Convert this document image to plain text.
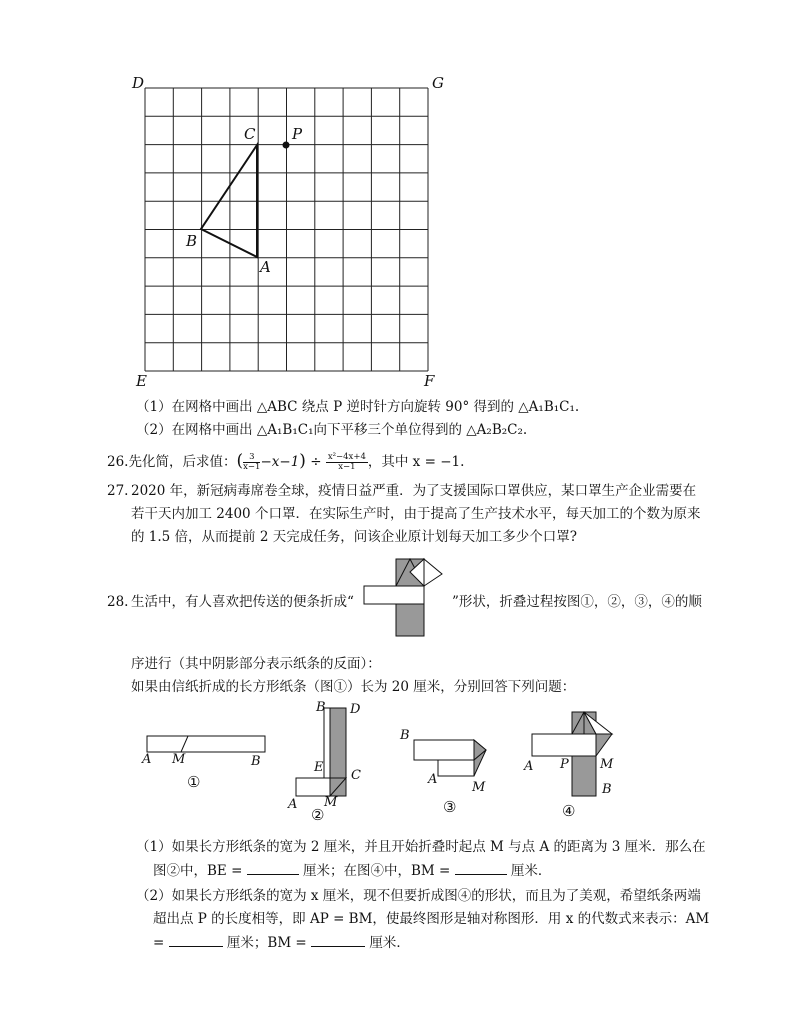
D	G
E	F
C P
B
A
（1）在网格中画出 △ABC 绕点 P 逆时针方向旋转 90° 得到的 △A₁B₁C₁.
（2）在网格中画出 △A₁B₁C₁向下平移三个单位得到的 △A₂B₂C₂.
26.先化简，后求值：( $\frac{3}{x-1} -x-1) \div \frac{\text{x²−4x+4}}{x-1}$ ，其中 x = −1.
27. 2020 年，新冠病毒席卷全球，疫情日益严重．为了支援国际口罩供应，某口罩生产企业需要在
若干天内加工 2400 个口罩．在实际生产时，由于提高了生产技术水平，每天加工的个数为原来
的 1.5 倍，从而提前 2 天完成任务，问该企业原计划每天加工多少个口罩?
28. 生活中，有人喜欢把传送的便条折成“	”形状，折叠过程按图①，②，③，④的顺
序进行（其中阴影部分表示纸条的反面）：
如果由信纸折成的长方形纸条（图①）长为 20 厘米，分别回答下列问题：
A M	B
①
B D
E
C
A M
②
B
A
M
③
A P M
B
④
（1）如果长方形纸条的宽为 2 厘米，并且开始折叠时起点 M 与点 A 的距离为 3 厘米．那么在
图②中，BE =	厘米；在图④中，BM =	厘米．
（2）如果长方形纸条的宽为 x 厘米，现不但要折成图④的形状，而且为了美观，希望纸条两端
超出点 P 的长度相等，即 AP = BM，使最终图形是轴对称图形．用 x 的代数式来表示：AM
=	厘米；BM =	厘米．
